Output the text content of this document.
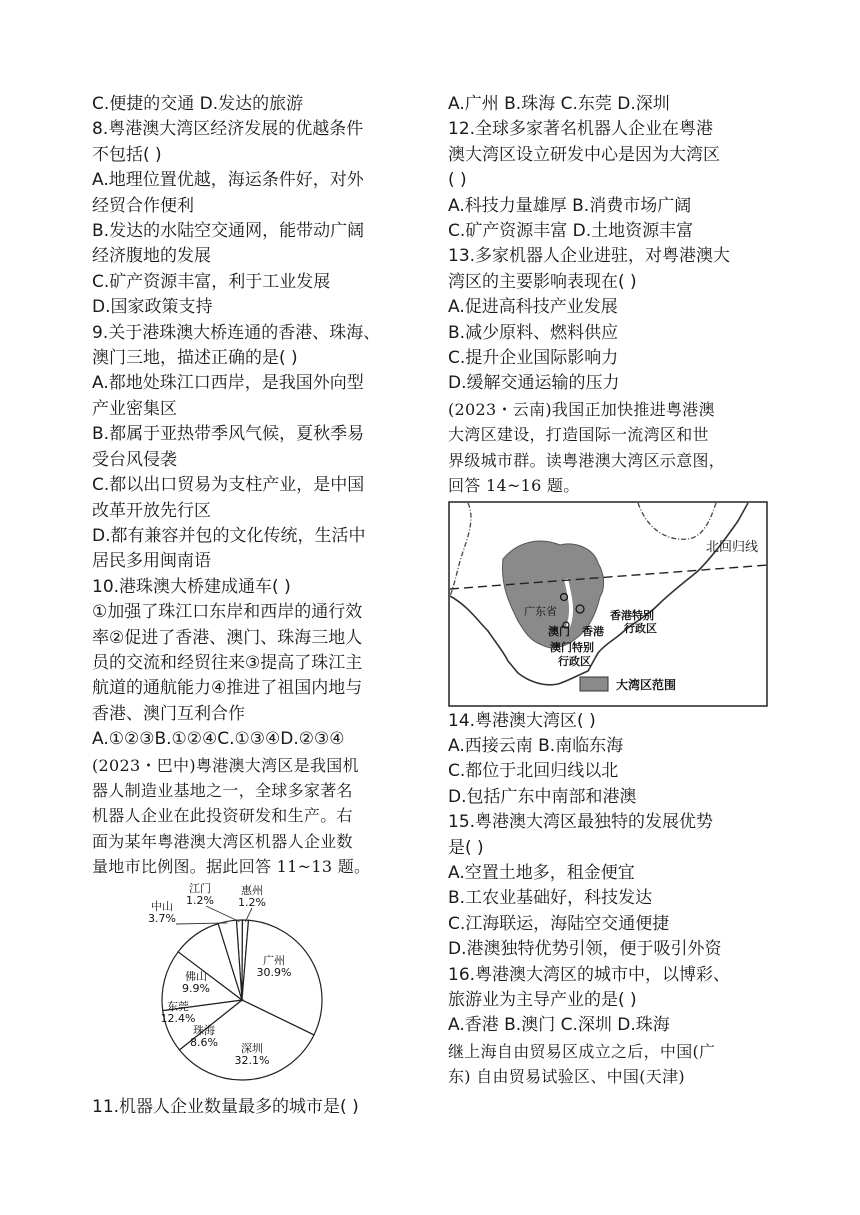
C.便捷的交通 D.发达的旅游

8.粤港澳大湾区经济发展的优越条件

不包括( )

A.地理位置优越，海运条件好，对外

经贸合作便利

B.发达的水陆空交通网，能带动广阔

经济腹地的发展

C.矿产资源丰富，利于工业发展

D.国家政策支持

9.关于港珠澳大桥连通的香港、珠海、

澳门三地，描述正确的是( )

A.都地处珠江口西岸，是我国外向型

产业密集区

B.都属于亚热带季风气候，夏秋季易

受台风侵袭

C.都以出口贸易为支柱产业，是中国

改革开放先行区

D.都有兼容并包的文化传统，生活中

居民多用闽南语

10.港珠澳大桥建成通车( )

①加强了珠江口东岸和西岸的通行效

率②促进了香港、澳门、珠海三地人

员的交流和经贸往来③提高了珠江主

航道的通航能力④推进了祖国内地与

香港、澳门互利合作

A.①②③B.①②④C.①③④D.②③④

(2023・巴中)粤港澳大湾区是我国机

器人制造业基地之一，全球多家著名

机器人企业在此投资研发和生产。右

面为某年粤港澳大湾区机器人企业数

量地市比例图。据此回答 11~13 题。

广州
30.9%
深圳
32.1%
珠海
8.6%
东莞
12.4%
佛山
9.9%
中山
3.7%
江门
1.2%
惠州
1.2%

11.机器人企业数量最多的城市是( )

A.广州 B.珠海 C.东莞 D.深圳

12.全球多家著名机器人企业在粤港

澳大湾区设立研发中心是因为大湾区

( )

A.科技力量雄厚 B.消费市场广阔

C.矿产资源丰富 D.土地资源丰富

13.多家机器人企业进驻，对粤港澳大

湾区的主要影响表现在( )

A.促进高科技产业发展

B.减少原料、燃料供应

C.提升企业国际影响力

D.缓解交通运输的压力

(2023・云南)我国正加快推进粤港澳

大湾区建设，打造国际一流湾区和世

界级城市群。读粤港澳大湾区示意图，

回答 14~16 题。

北回归线
广东省	香港特别
行政区
澳门 香港
澳门特别
行政区
大湾区范围

14.粤港澳大湾区( )

A.西接云南 B.南临东海

C.都位于北回归线以北

D.包括广东中南部和港澳

15.粤港澳大湾区最独特的发展优势

是( )

A.空置土地多，租金便宜

B.工农业基础好，科技发达

C.江海联运，海陆空交通便捷

D.港澳独特优势引领，便于吸引外资

16.粤港澳大湾区的城市中，以博彩、

旅游业为主导产业的是( )

A.香港 B.澳门 C.深圳 D.珠海

继上海自由贸易区成立之后，中国(广

东) 自由贸易试验区、中国(天津)
